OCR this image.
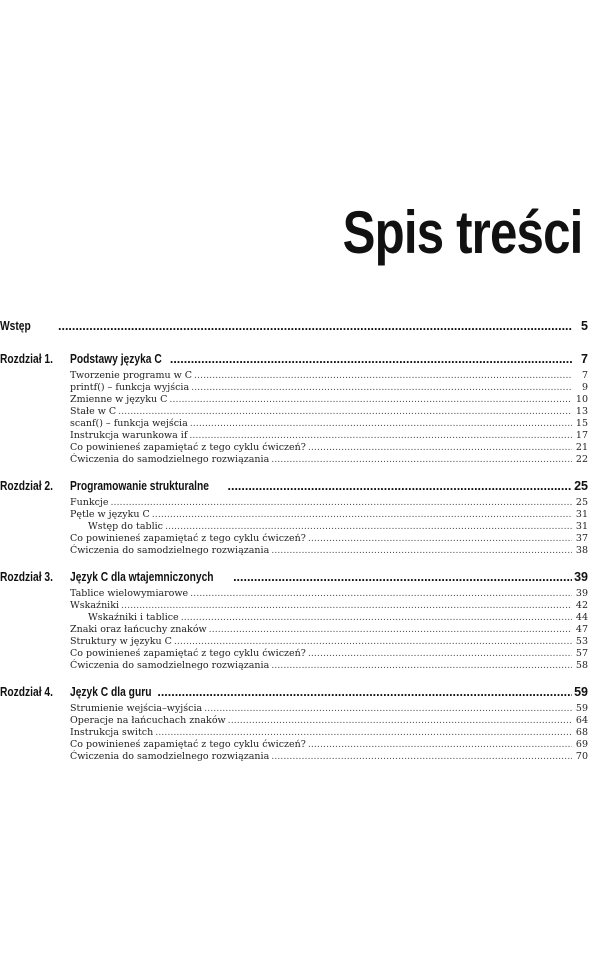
Spis treści
Wstęp .....	5
Rozdział 1.	Podstawy języka C .....	7
Tworzenie programu w C .....	7
printf() – funkcja wyjścia .....	9
Zmienne w języku C .....	10
Stałe w C .....	13
scanf() – funkcja wejścia .....	15
Instrukcja warunkowa if .....	17
Co powinieneś zapamiętać z tego cyklu ćwiczeń? .....	21
Ćwiczenia do samodzielnego rozwiązania .....	22
Rozdział 2.	Programowanie strukturalne .....	25
Funkcje .....	25
Pętle w języku C .....	31
Wstęp do tablic .....	31
Co powinieneś zapamiętać z tego cyklu ćwiczeń? .....	37
Ćwiczenia do samodzielnego rozwiązania .....	38
Rozdział 3.	Język C dla wtajemniczonych .....	39
Tablice wielowymiarowe .....	39
Wskaźniki .....	42
Wskaźniki i tablice .....	44
Znaki oraz łańcuchy znaków .....	47
Struktury w języku C .....	53
Co powinieneś zapamiętać z tego cyklu ćwiczeń? .....	57
Ćwiczenia do samodzielnego rozwiązania .....	58
Rozdział 4.	Język C dla guru .....	59
Strumienie wejścia–wyjścia .....	59
Operacje na łańcuchach znaków .....	64
Instrukcja switch .....	68
Co powinieneś zapamiętać z tego cyklu ćwiczeń? .....	69
Ćwiczenia do samodzielnego rozwiązania .....	70
